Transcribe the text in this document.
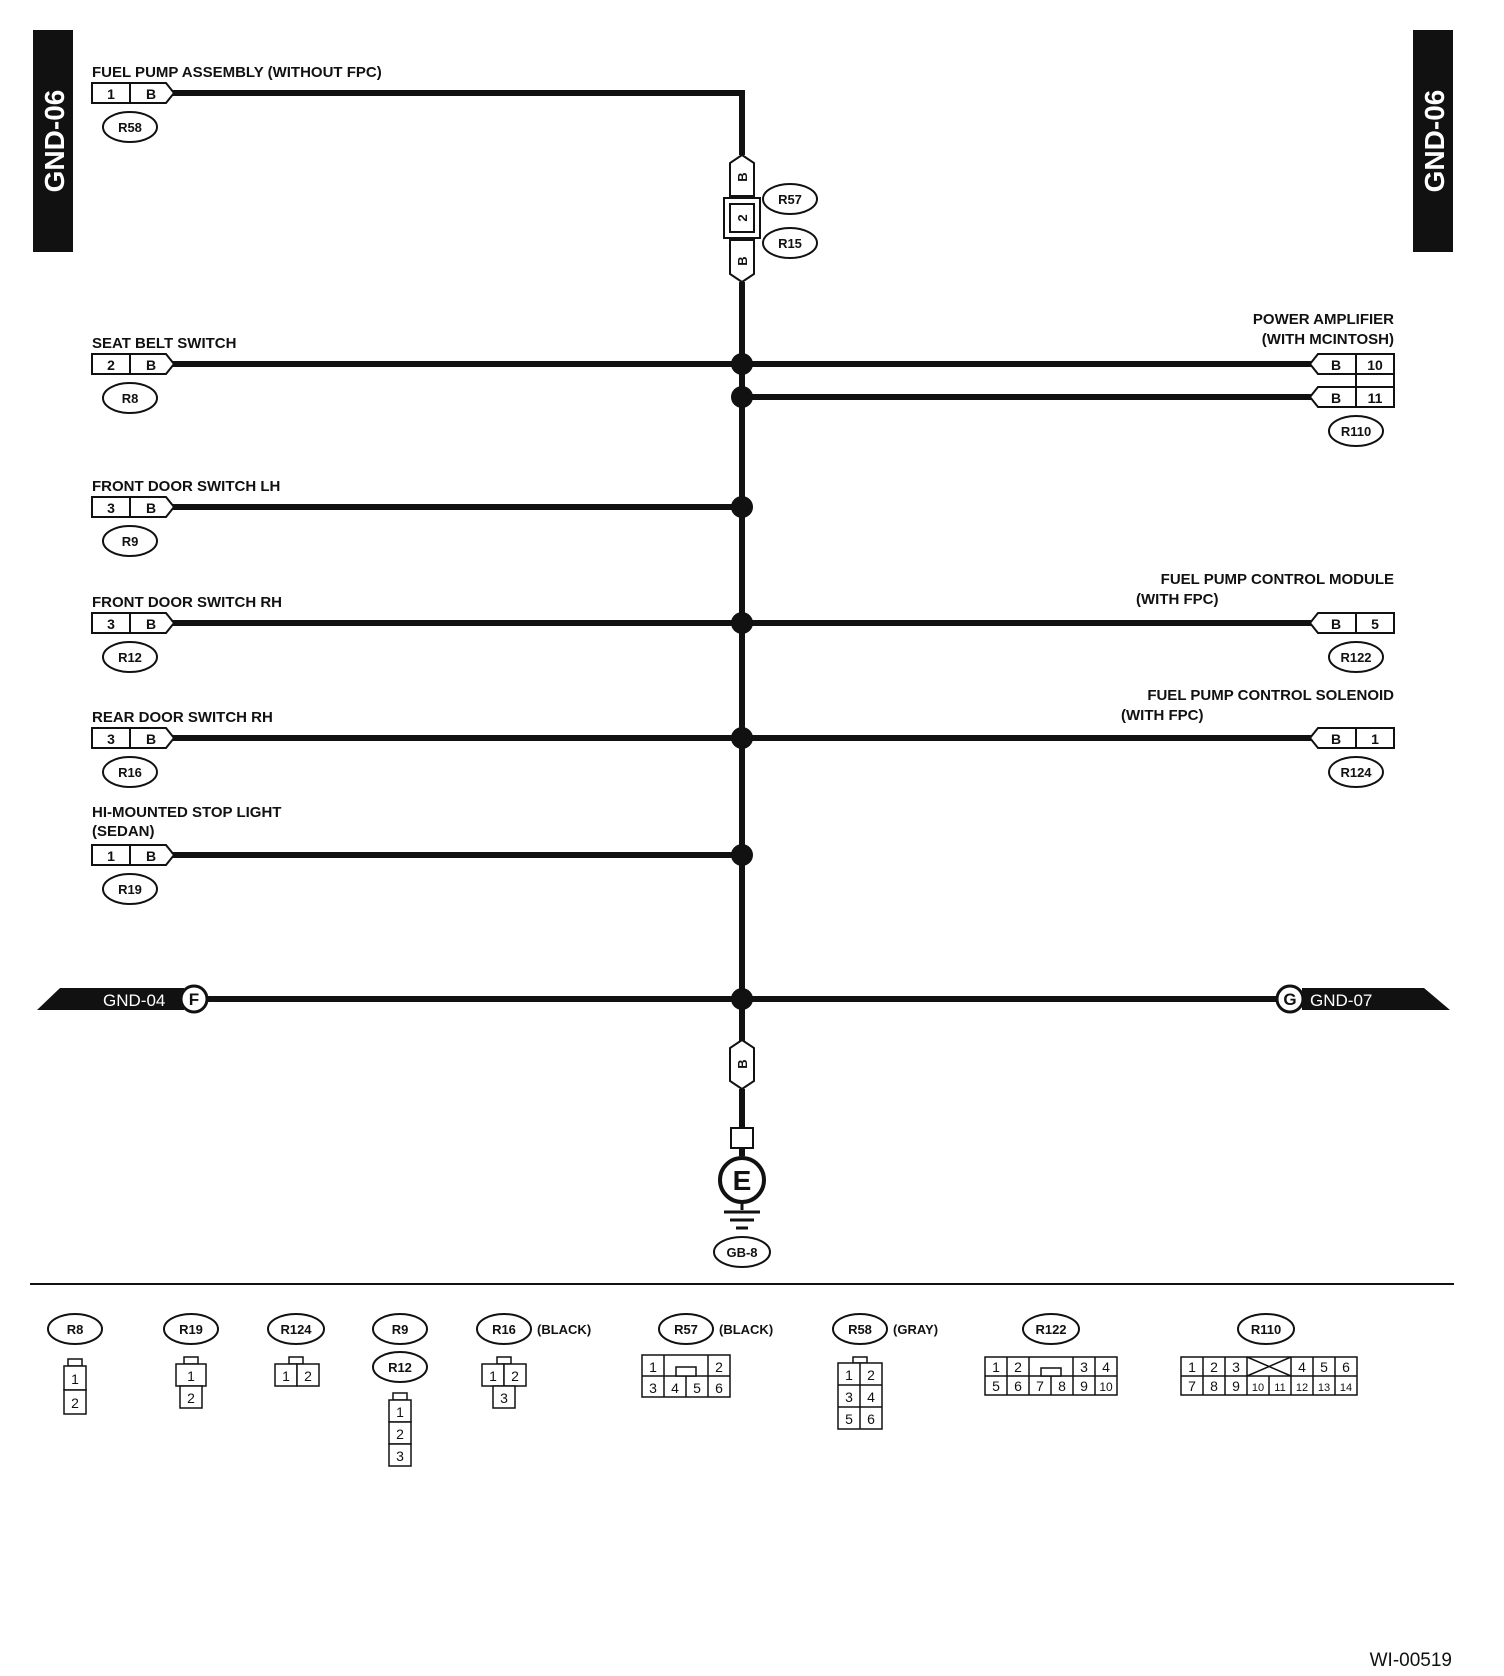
GND-06	GND-06
FUEL PUMP ASSEMBLY (WITHOUT FPC)
1 B
R58
SEAT BELT SWITCH
2 B
R8
FRONT DOOR SWITCH LH
3 B
R9
FRONT DOOR SWITCH RH
3 B
R12
REAR DOOR SWITCH RH
3 B
R16
HI-MOUNTED STOP LIGHT
(SEDAN)
1 B
R19
POWER AMPLIFIER
(WITH MCINTOSH)
B 10
B 11
R110
FUEL PUMP CONTROL MODULE
(WITH FPC)
B 5
R122
FUEL PUMP CONTROL SOLENOID
(WITH FPC)
B 1
R124
B
2
B
R57
R15
GND-04 F	GND-07
G
B
E
GB-8
R8
1
2
R19
1
2
R124
1 2
R9
R12
1
2
3
R16 (BLACK)
1 2
3
R57 (BLACK)
1	2
3 4 5 6
R58 (GRAY)
1 2
3 4
5 6
R122
1 2	3 4
5 6 7 8 9 10
R110
1 2 3	4 5 6
7 8 9 10 11 12 13 14
WI-00519
